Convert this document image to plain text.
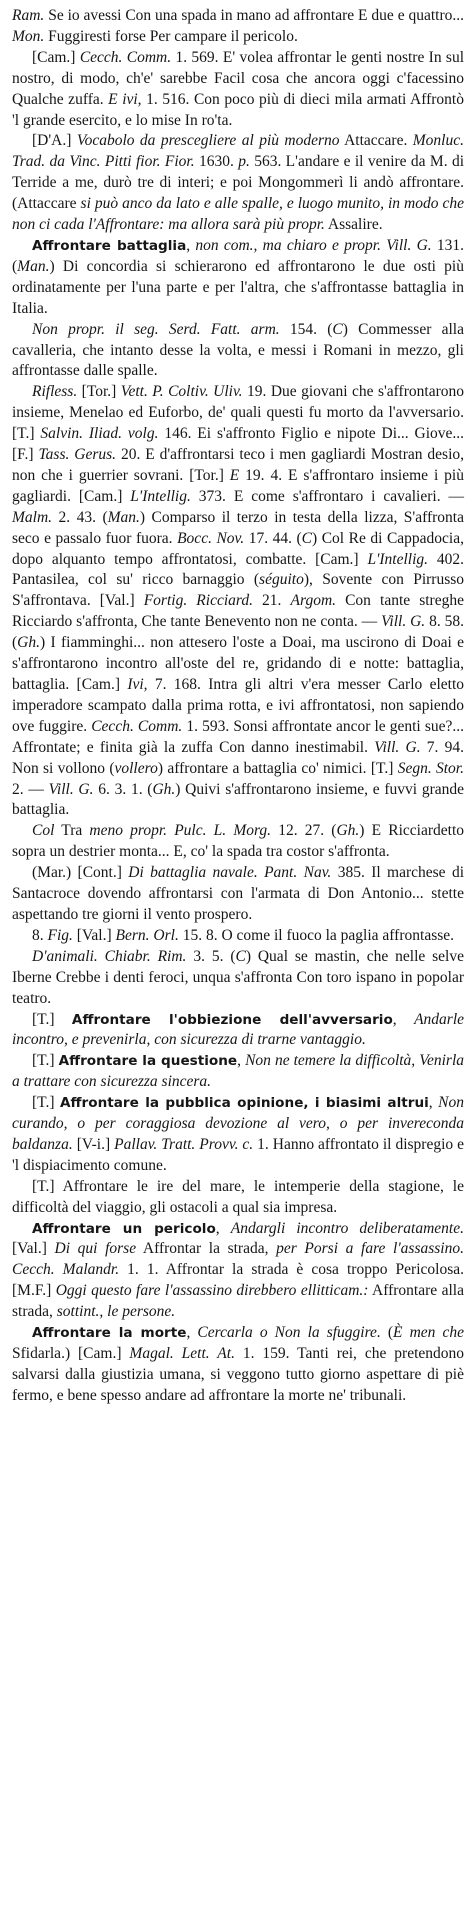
Ram. Se io avessi Con una spada in mano ad affrontare E due e quattro... Mon. Fuggiresti forse Per campare il pericolo.

[Cam.] Cecch. Comm. 1. 569. E' volea affrontar le genti nostre In sul nostro, di modo, ch'e' sarebbe Facil cosa che ancora oggi c'facessino Qualche zuffa. E ivi, 1. 516. Con poco più di dieci mila armati Affrontò 'l grande esercito, e lo mise In ro'ta.

[D'A.] Vocabolo da prescegliere al più moderno Attaccare. Monluc. Trad. da Vinc. Pitti fior. Fior. 1630. p. 563. L'andare e il venire da M. di Terride a me, durò tre di interi; e poi Mongommerì li andò affrontare. (Attaccare si può anco da lato e alle spalle, e luogo munito, in modo che non ci cada l'Affrontare: ma allora sarà più propr. Assalire.

Affrontare battaglia, non com., ma chiaro e propr. Vill. G. 131. (Man.) Di concordia si schierarono ed affrontarono le due osti più ordinatamente per l'una parte e per l'altra, che s'affrontasse battaglia in Italia.

Non propr. il seg. Serd. Fatt. arm. 154. (C) Commesser alla cavalleria, che intanto desse la volta, e messi i Romani in mezzo, gli affrontasse dalle spalle.

Rifless. [Tor.] Vett. P. Coltiv. Uliv. 19. Due giovani che s'affrontarono insieme, Menelao ed Euforbo, de' quali questi fu morto da l'avversario. [T.] Salvin. Iliad. volg. 146. Ei s'affronto Figlio e nipote Di... Giove... [F.] Tass. Gerus. 20. E d'affrontarsi teco i men gagliardi Mostran desio, non che i guerrier sovrani. [Tor.] E 19. 4. E s'affrontaro insieme i più gagliardi. [Cam.] L'Intellig. 373. E come s'affrontaro i cavalieri. — Malm. 2. 43. (Man.) Comparso il terzo in testa della lizza, S'affronta seco e passalo fuor fuora. Bocc. Nov. 17. 44. (C) Col Re di Cappadocia, dopo alquanto tempo affrontatosi, combatte. [Cam.] L'Intellig. 402. Pantasilea, col su' ricco barnaggio (séguito), Sovente con Pirrusso S'affrontava. [Val.] Fortig. Ricciard. 21. Argom. Con tante streghe Ricciardo s'affronta, Che tante Benevento non ne conta. — Vill. G. 8. 58. (Gh.) I fiamminghi... non attesero l'oste a Doai, ma uscirono di Doai e s'affrontarono incontro all'oste del re, gridando di e notte: battaglia, battaglia. [Cam.] Ivi, 7. 168. Intra gli altri v'era messer Carlo eletto imperadore scampato dalla prima rotta, e ivi affrontatosi, non sapiendo ove fuggire. Cecch. Comm. 1. 593. Sonsi affrontate ancor le genti sue?... Affrontate; e finita già la zuffa Con danno inestimabil. Vill. G. 7. 94. Non si vollono (vollero) affrontare a battaglia co' nimici. [T.] Segn. Stor. 2. — Vill. G. 6. 3. 1. (Gh.) Quivi s'affrontarono insieme, e fuvvi grande battaglia.

Col Tra meno propr. Pulc. L. Morg. 12. 27. (Gh.) E Ricciardetto sopra un destrier monta... E, co' la spada tra costor s'affronta.

(Mar.) [Cont.] Di battaglia navale. Pant. Nav. 385. Il marchese di Santacroce dovendo affrontarsi con l'armata di Don Antonio... stette aspettando tre giorni il vento prospero.

8. Fig. [Val.] Bern. Orl. 15. 8. O come il fuoco la paglia affrontasse.

D'animali. Chiabr. Rim. 3. 5. (C) Qual se mastin, che nelle selve Iberne Crebbe i denti feroci, unqua s'affronta Con toro ispano in popolar teatro.

[T.] Affrontare l'obbiezione dell'avversario, Andarle incontro, e prevenirla, con sicurezza di trarne vantaggio.

[T.] Affrontare la questione, Non ne temere la difficoltà, Venirla a trattare con sicurezza sincera.

[T.] Affrontare la pubblica opinione, i biasimi altrui, Non curando, o per coraggiosa devozione al vero, o per invereconda baldanza. [V-i.] Pallav. Tratt. Provv. c. 1. Hanno affrontato il dispregio e 'l dispiacimento comune.

[T.] Affrontare le ire del mare, le intemperie della stagione, le difficoltà del viaggio, gli ostacoli a qual sia impresa.

Affrontare un pericolo, Andargli incontro deliberatamente. [Val.] Di qui forse Affrontar la strada, per Porsi a fare l'assassino. Cecch. Malandr. 1. 1. Affrontar la strada è cosa troppo Pericolosa. [M.F.] Oggi questo fare l'assassino direbbero ellitticam.: Affrontare alla strada, sottint., le persone.

Affrontare la morte, Cercarla o Non la sfuggire. (È men che Sfidarla.) [Cam.] Magal. Lett. At. 1. 159. Tanti rei, che pretendono salvarsi dalla giustizia umana, si veggono tutto giorno aspettare di piè fermo, e bene spesso andare ad affrontare la morte ne' tribunali.
